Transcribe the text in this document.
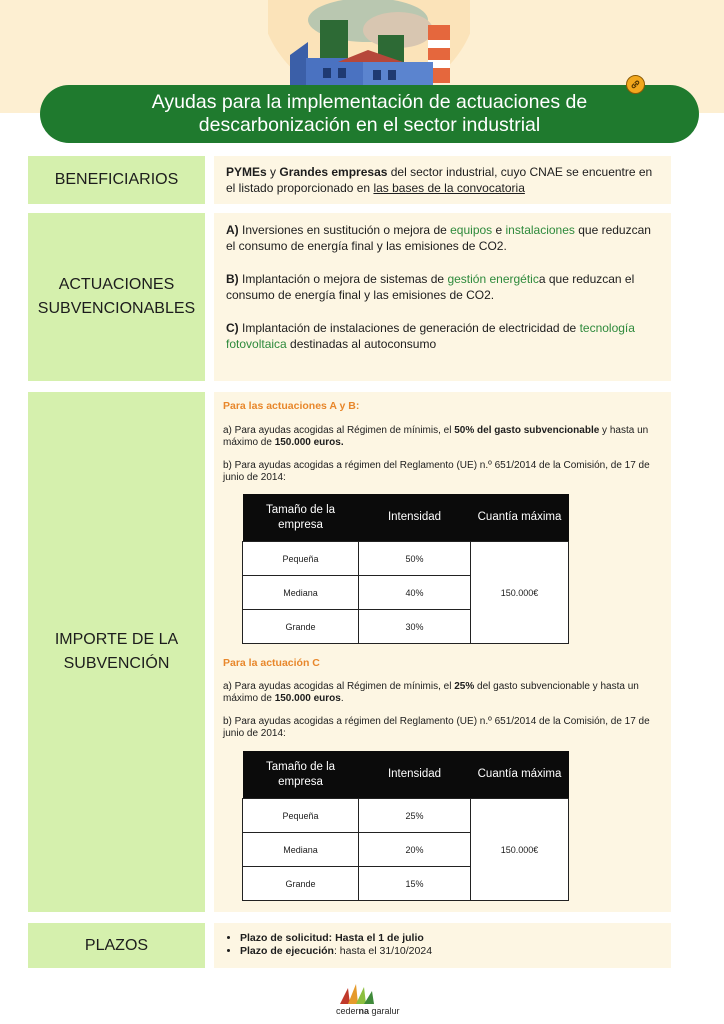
Ayudas para la implementación de actuaciones de descarbonización en el sector industrial
BENEFICIARIOS	PYMEs y Grandes empresas del sector industrial, cuyo CNAE se encuentre en el listado proporcionado en las bases de la convocatoria

ACTUACIONES
SUBVENCIONABLES

A) Inversiones en sustitución o mejora de equipos e instalaciones que reduzcan el consumo de energía final y las emisiones de CO2.

B) Implantación o mejora de sistemas de gestión energética que reduzcan el consumo de energía final y las emisiones de CO2.

C) Implantación de instalaciones de generación de electricidad de tecnología fotovoltaica destinadas al autoconsumo

IMPORTE DE LA
SUBVENCIÓN
Para las actuaciones A y B:

a) Para ayudas acogidas al Régimen de mínimis, el 50% del gasto subvencionable y hasta un máximo de 150.000 euros.

b) Para ayudas acogidas a régimen del Reglamento (UE) n.º 651/2014 de la Comisión, de 17 de junio de 2014:

Tamaño de la empresa	Intensidad	Cuantía máxima
Pequeña	50%	150.000€
Mediana	40%	
Grande	30%	
Para la actuación C

a) Para ayudas acogidas al Régimen de mínimis, el 25% del gasto subvencionable y hasta un máximo de 150.000 euros.

b) Para ayudas acogidas a régimen del Reglamento (UE) n.º 651/2014 de la Comisión, de 17 de junio de 2014:

Tamaño de la empresa	Intensidad	Cuantía máxima
Pequeña	25%	150.000€
Mediana	20%	
Grande	15%	
PLAZOS	• Plazo de solicitud: Hasta el 1 de julio
• Plazo de ejecución: hasta el 31/10/2024
cederna garalur
